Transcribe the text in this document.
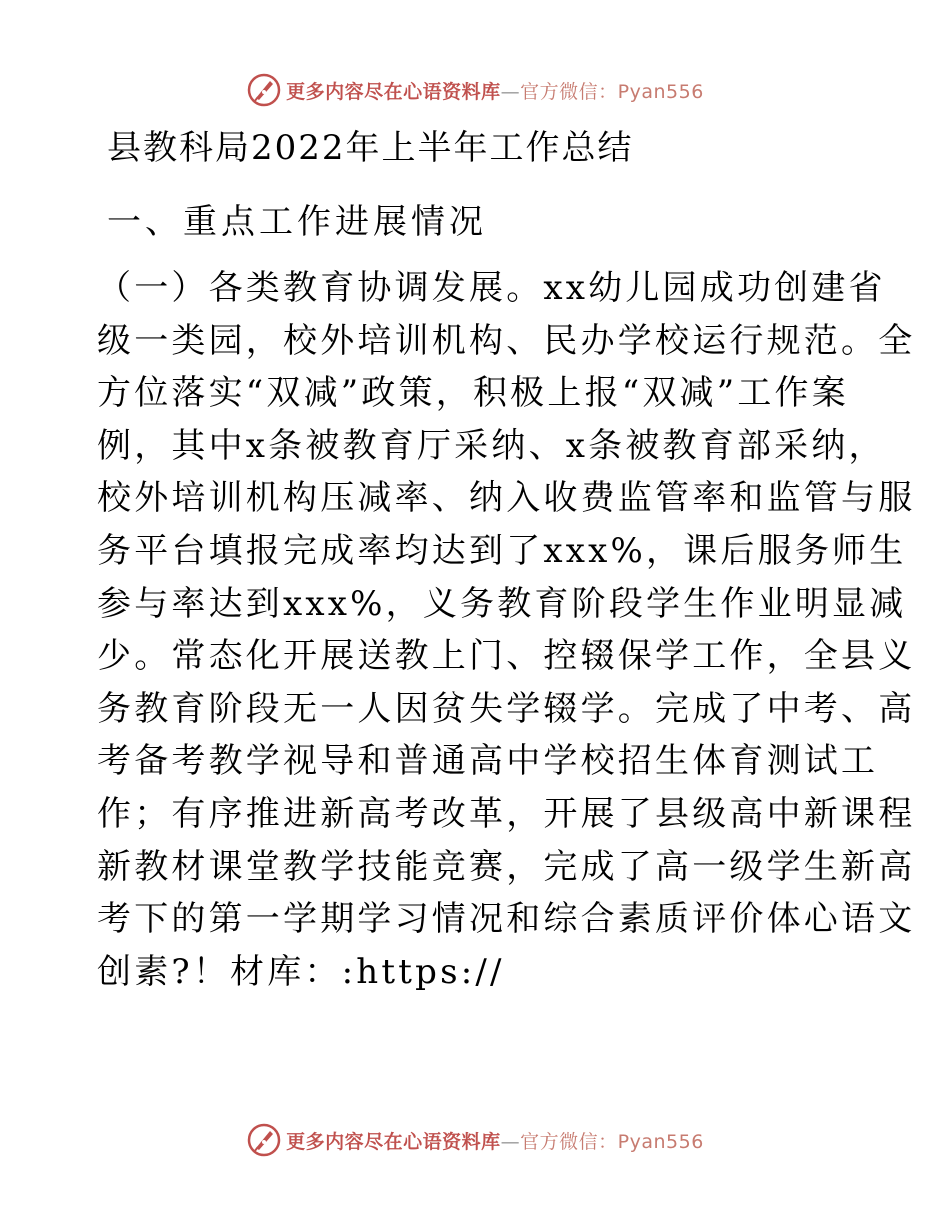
更多内容尽在心语资料库—官方微信：Pyan556
县教科局2022年上半年工作总结
一、重点工作进展情况
（一）各类教育协调发展。xx幼儿园成功创建省
级一类园，校外培训机构、民办学校运行规范。全
方位落实“双减”政策，积极上报“双减”工作案
例，其中x条被教育厅采纳、x条被教育部采纳，
校外培训机构压减率、纳入收费监管率和监管与服
务平台填报完成率均达到了xxx%，课后服务师生
参与率达到xxx%，义务教育阶段学生作业明显减
少。常态化开展送教上门、控辍保学工作，全县义
务教育阶段无一人因贫失学辍学。完成了中考、高
考备考教学视导和普通高中学校招生体育测试工
作；有序推进新高考改革，开展了县级高中新课程
新教材课堂教学技能竞赛，完成了高一级学生新高
考下的第一学期学习情况和综合素质评价体心语文
创素?！材库：:https://
更多内容尽在心语资料库—官方微信：Pyan556
